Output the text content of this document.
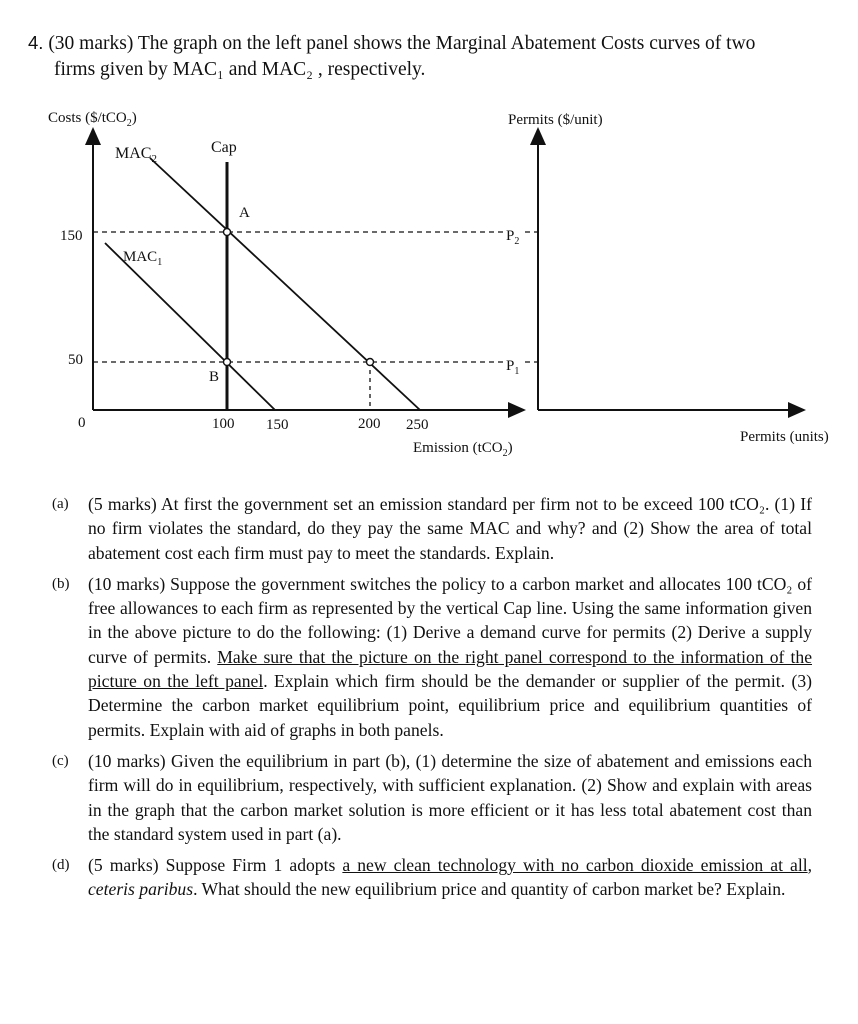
4. (30 marks) The graph on the left panel shows the Marginal Abatement Costs curves of two
firms given by MAC₁ and MAC₂ , respectively.
Costs ($/tCO$_2$)	Permits ($/unit)
Emission (tCO$_2$)
Permits (units)
150
50
0	100 150	200 250
$P_2$
$P_1$
Cap
$MAC_2$
$MAC_1$
A
B
(a)	(5 marks) At first the government set an emission standard per firm not to be exceed 100 tCO₂. (1) If no firm violates the standard, do they pay the same MAC and why? and (2) Show the area of total abatement cost each firm must pay to meet the standards. Explain.
(b)	(10 marks) Suppose the government switches the policy to a carbon market and allocates 100 tCO₂ of free allowances to each firm as represented by the vertical Cap line. Using the same information given in the above picture to do the following: (1) Derive a demand curve for permits (2) Derive a supply curve of permits. Make sure that the picture on the right panel correspond to the information of the picture on the left panel. Explain which firm should be the demander or supplier of the permit. (3) Determine the carbon market equilibrium point, equilibrium price and equilibrium quantities of permits. Explain with aid of graphs in both panels.
(c)	(10 marks) Given the equilibrium in part (b), (1) determine the size of abatement and emissions each firm will do in equilibrium, respectively, with sufficient explanation. (2) Show and explain with areas in the graph that the carbon market solution is more efficient or it has less total abatement cost than the standard system used in part (a).
(d)	(5 marks) Suppose Firm 1 adopts a new clean technology with no carbon dioxide emission at all, ceteris paribus. What should the new equilibrium price and quantity of carbon market be? Explain.
